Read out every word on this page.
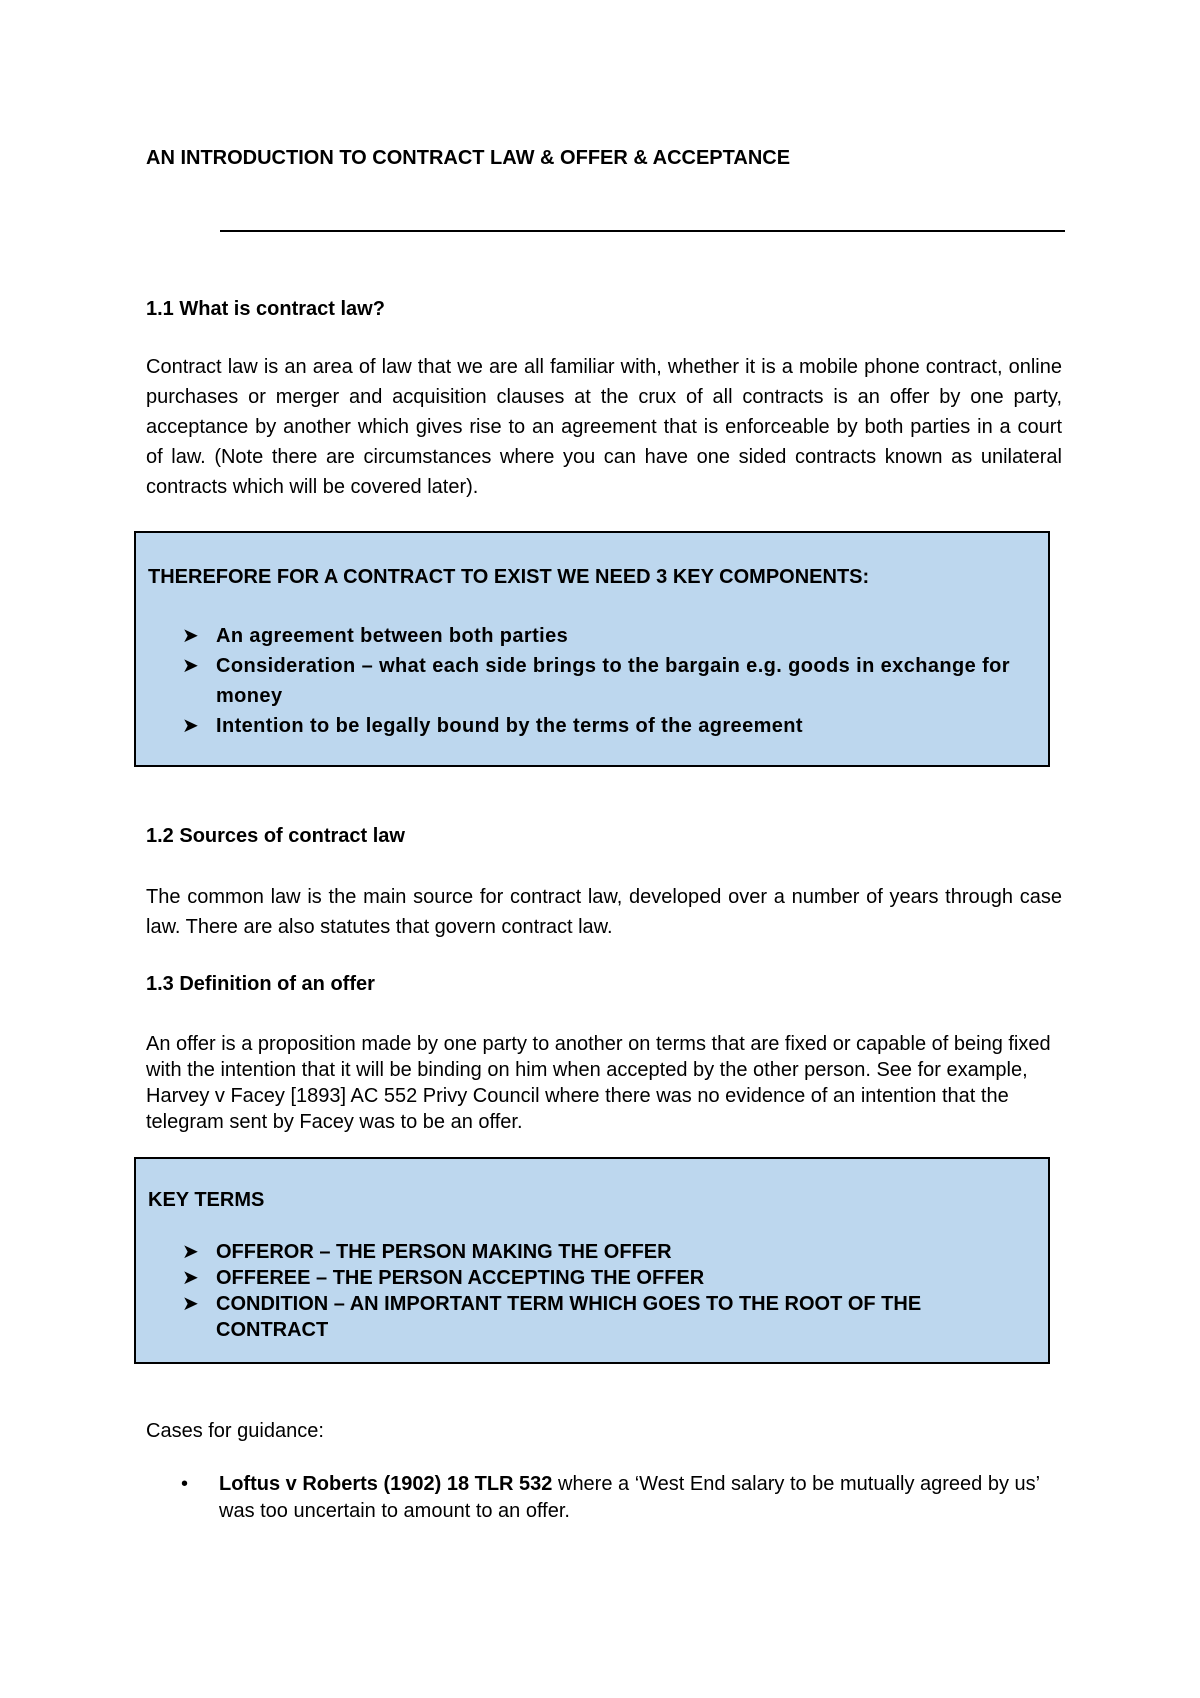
AN INTRODUCTION TO CONTRACT LAW & OFFER & ACCEPTANCE
1.1 What is contract law?
Contract law is an area of law that we are all familiar with, whether it is a mobile phone contract, online purchases or merger and acquisition clauses at the crux of all contracts is an offer by one party, acceptance by another which gives rise to an agreement that is enforceable by both parties in a court of law. (Note there are circumstances where you can have one sided contracts known as unilateral contracts which will be covered later).
THEREFORE FOR A CONTRACT TO EXIST WE NEED 3 KEY COMPONENTS:
➤ An agreement between both parties
➤ Consideration – what each side brings to the bargain e.g. goods in exchange for money
➤ Intention to be legally bound by the terms of the agreement
1.2 Sources of contract law
The common law is the main source for contract law, developed over a number of years through case law. There are also statutes that govern contract law.
1.3 Definition of an offer
An offer is a proposition made by one party to another on terms that are fixed or capable of being fixed with the intention that it will be binding on him when accepted by the other person. See for example, Harvey v Facey [1893] AC 552 Privy Council where there was no evidence of an intention that the telegram sent by Facey was to be an offer.
KEY TERMS
➤ OFFEROR – THE PERSON MAKING THE OFFER
➤ OFFEREE – THE PERSON ACCEPTING THE OFFER
➤ CONDITION – AN IMPORTANT TERM WHICH GOES TO THE ROOT OF THE CONTRACT
Cases for guidance:
• Loftus v Roberts (1902) 18 TLR 532 where a ‘West End salary to be mutually agreed by us’ was too uncertain to amount to an offer.
